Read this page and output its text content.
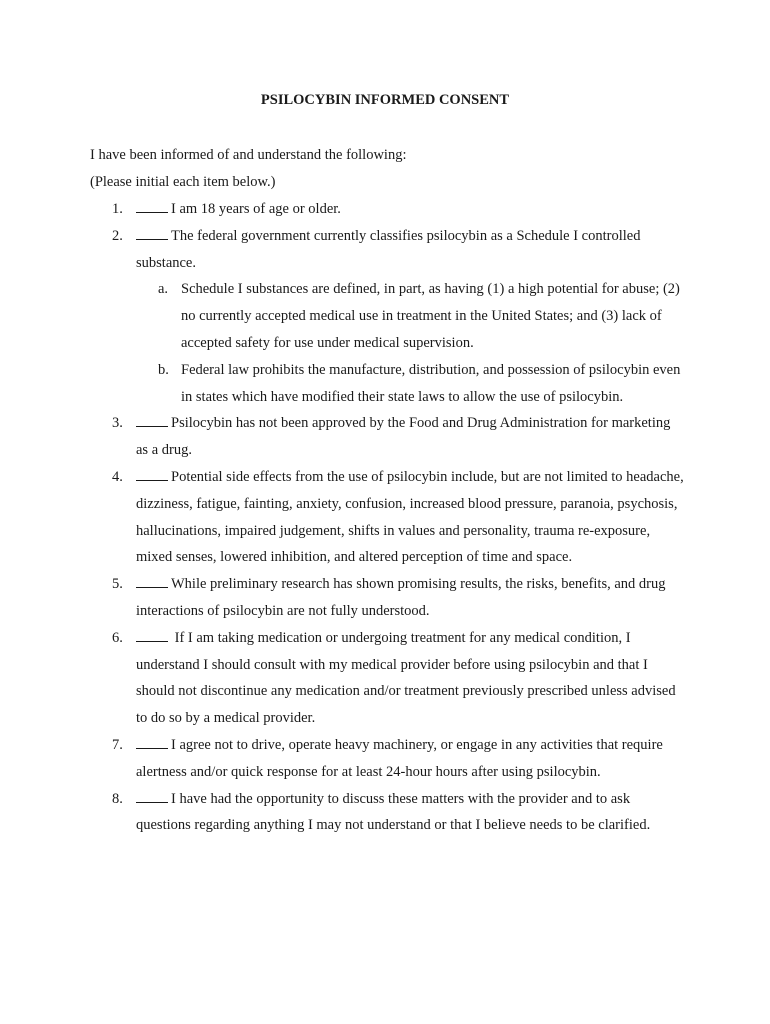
PSILOCYBIN INFORMED CONSENT
I have been informed of and understand the following:
(Please initial each item below.)
1.	I am 18 years of age or older.
2.	The federal government currently classifies psilocybin as a Schedule I controlled substance.
a. Schedule I substances are defined, in part, as having (1) a high potential for abuse; (2) no currently accepted medical use in treatment in the United States; and (3) lack of accepted safety for use under medical supervision.
b. Federal law prohibits the manufacture, distribution, and possession of psilocybin even in states which have modified their state laws to allow the use of psilocybin.
3.	Psilocybin has not been approved by the Food and Drug Administration for marketing as a drug.
4.	Potential side effects from the use of psilocybin include, but are not limited to headache, dizziness, fatigue, fainting, anxiety, confusion, increased blood pressure, paranoia, psychosis, hallucinations, impaired judgement, shifts in values and personality, trauma re-exposure, mixed senses, lowered inhibition, and altered perception of time and space.
5.	While preliminary research has shown promising results, the risks, benefits, and drug interactions of psilocybin are not fully understood.
6.	If I am taking medication or undergoing treatment for any medical condition, I understand I should consult with my medical provider before using psilocybin and that I should not discontinue any medication and/or treatment previously prescribed unless advised to do so by a medical provider.
7.	I agree not to drive, operate heavy machinery, or engage in any activities that require alertness and/or quick response for at least 24-hour hours after using psilocybin.
8.	I have had the opportunity to discuss these matters with the provider and to ask questions regarding anything I may not understand or that I believe needs to be clarified.
